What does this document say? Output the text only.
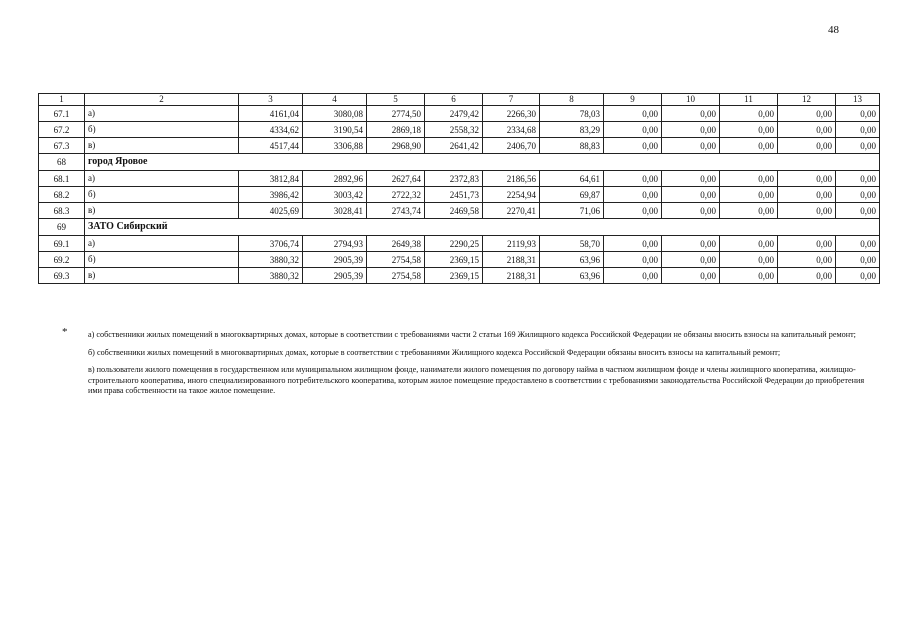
48
1	2	3	4	5	6	7	8	9	10	11	12	13
67.1	а)	4161,04	3080,08	2774,50	2479,42	2266,30	78,03	0,00	0,00	0,00	0,00	0,00
67.2	б)	4334,62	3190,54	2869,18	2558,32	2334,68	83,29	0,00	0,00	0,00	0,00	0,00
67.3	в)	4517,44	3306,88	2968,90	2641,42	2406,70	88,83	0,00	0,00	0,00	0,00	0,00
68	город Яровое											
68.1	а)	3812,84	2892,96	2627,64	2372,83	2186,56	64,61	0,00	0,00	0,00	0,00	0,00
68.2	б)	3986,42	3003,42	2722,32	2451,73	2254,94	69,87	0,00	0,00	0,00	0,00	0,00
68.3	в)	4025,69	3028,41	2743,74	2469,58	2270,41	71,06	0,00	0,00	0,00	0,00	0,00
69	ЗАТО Сибирский											
69.1	а)	3706,74	2794,93	2649,38	2290,25	2119,93	58,70	0,00	0,00	0,00	0,00	0,00
69.2	б)	3880,32	2905,39	2754,58	2369,15	2188,31	63,96	0,00	0,00	0,00	0,00	0,00
69.3	в)	3880,32	2905,39	2754,58	2369,15	2188,31	63,96	0,00	0,00	0,00	0,00	0,00
*	а) собственники жилых помещений в многоквартирных домах, которые в соответствии с требованиями части 2 статьи 169 Жилищного кодекса Российской Федерации не обязаны вносить взносы на капитальный ремонт;

б) собственники жилых помещений в многоквартирных домах, которые в соответствии с требованиями Жилищного кодекса Российской Федерации обязаны вносить взносы на капитальный ремонт;

в) пользователи жилого помещения в государственном или муниципальном жилищном фонде, наниматели жилого помещения по договору найма в частном жилищном фонде и члены жилищного кооператива, жилищно-строительного кооператива, иного специализированного потребительского кооператива, которым жилое помещение предоставлено в соответствии с требованиями законодательства Российской Федерации до приобретения ими права собственности на такое жилое помещение.
